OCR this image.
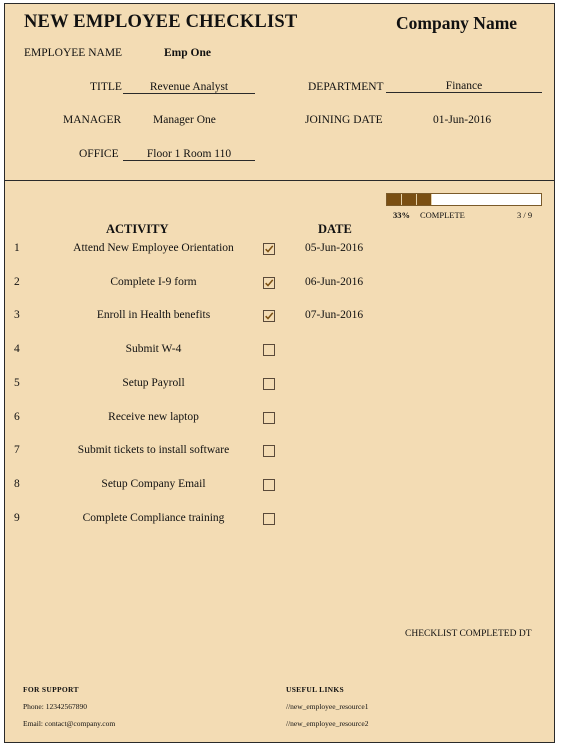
NEW EMPLOYEE CHECKLIST	Company Name
EMPLOYEE NAME	Emp One
TITLE	Revenue Analyst	DEPARTMENT	Finance
MANAGER	Manager One	JOINING DATE	01-Jun-2016
OFFICE	Floor 1 Room 110
33% COMPLETE	3 / 9
ACTIVITY	DATE
1	Attend New Employee Orientation	05-Jun-2016
2	Complete I-9 form	06-Jun-2016
3	Enroll in Health benefits	07-Jun-2016
4	Submit W-4
5	Setup Payroll
6	Receive new laptop
7	Submit tickets to install software
8	Setup Company Email
9	Complete Compliance training
CHECKLIST COMPLETED DT
FOR SUPPORT
Phone: 12342567890
Email: contact@company.com
USEFUL LINKS
//new_employee_resource1
//new_employee_resource2
